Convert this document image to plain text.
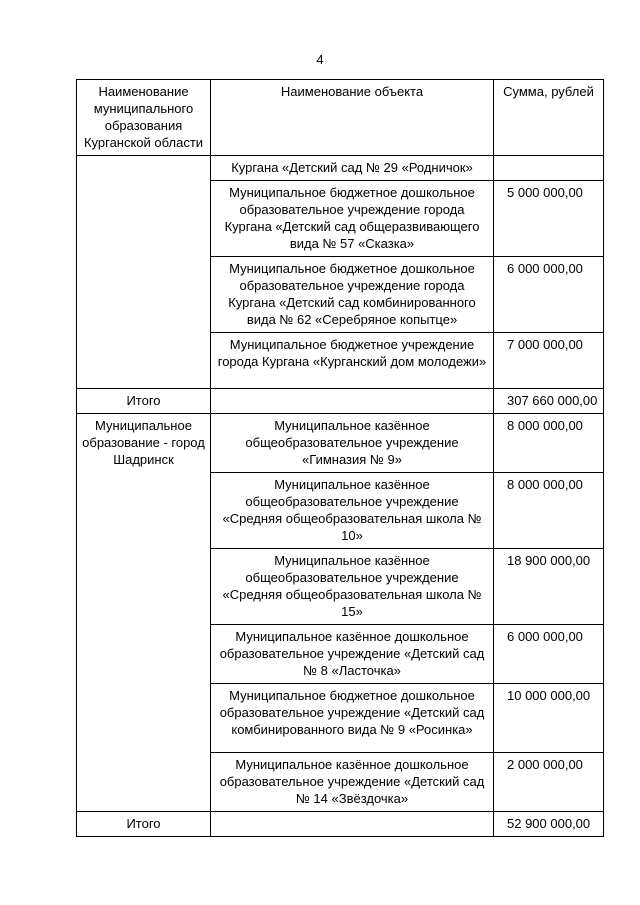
4
Наименование муниципального образования Курганской области	Наименование объекта	Сумма, рублей
	Кургана «Детский сад № 29 «Родничок»	
	Муниципальное бюджетное дошкольное образовательное учреждение города Кургана «Детский сад общеразвивающего вида № 57 «Сказка»	5 000 000,00
	Муниципальное бюджетное дошкольное образовательное учреждение города Кургана «Детский сад комбинированного вида № 62 «Серебряное копытце»	6 000 000,00
	Муниципальное бюджетное учреждение города Кургана «Курганский дом молодежи»	7 000 000,00
Итого		307 660 000,00
Муниципальное образование - город Шадринск	Муниципальное казённое общеобразовательное учреждение «Гимназия № 9»	8 000 000,00
	Муниципальное казённое общеобразовательное учреждение «Средняя общеобразовательная школа № 10»	8 000 000,00
	Муниципальное казённое общеобразовательное учреждение «Средняя общеобразовательная школа № 15»	18 900 000,00
	Муниципальное казённое дошкольное образовательное учреждение «Детский сад № 8 «Ласточка»	6 000 000,00
	Муниципальное бюджетное дошкольное образовательное учреждение «Детский сад комбинированного вида № 9 «Росинка»	10 000 000,00
	Муниципальное казённое дошкольное образовательное учреждение «Детский сад № 14 «Звёздочка»	2 000 000,00
Итого		52 900 000,00
